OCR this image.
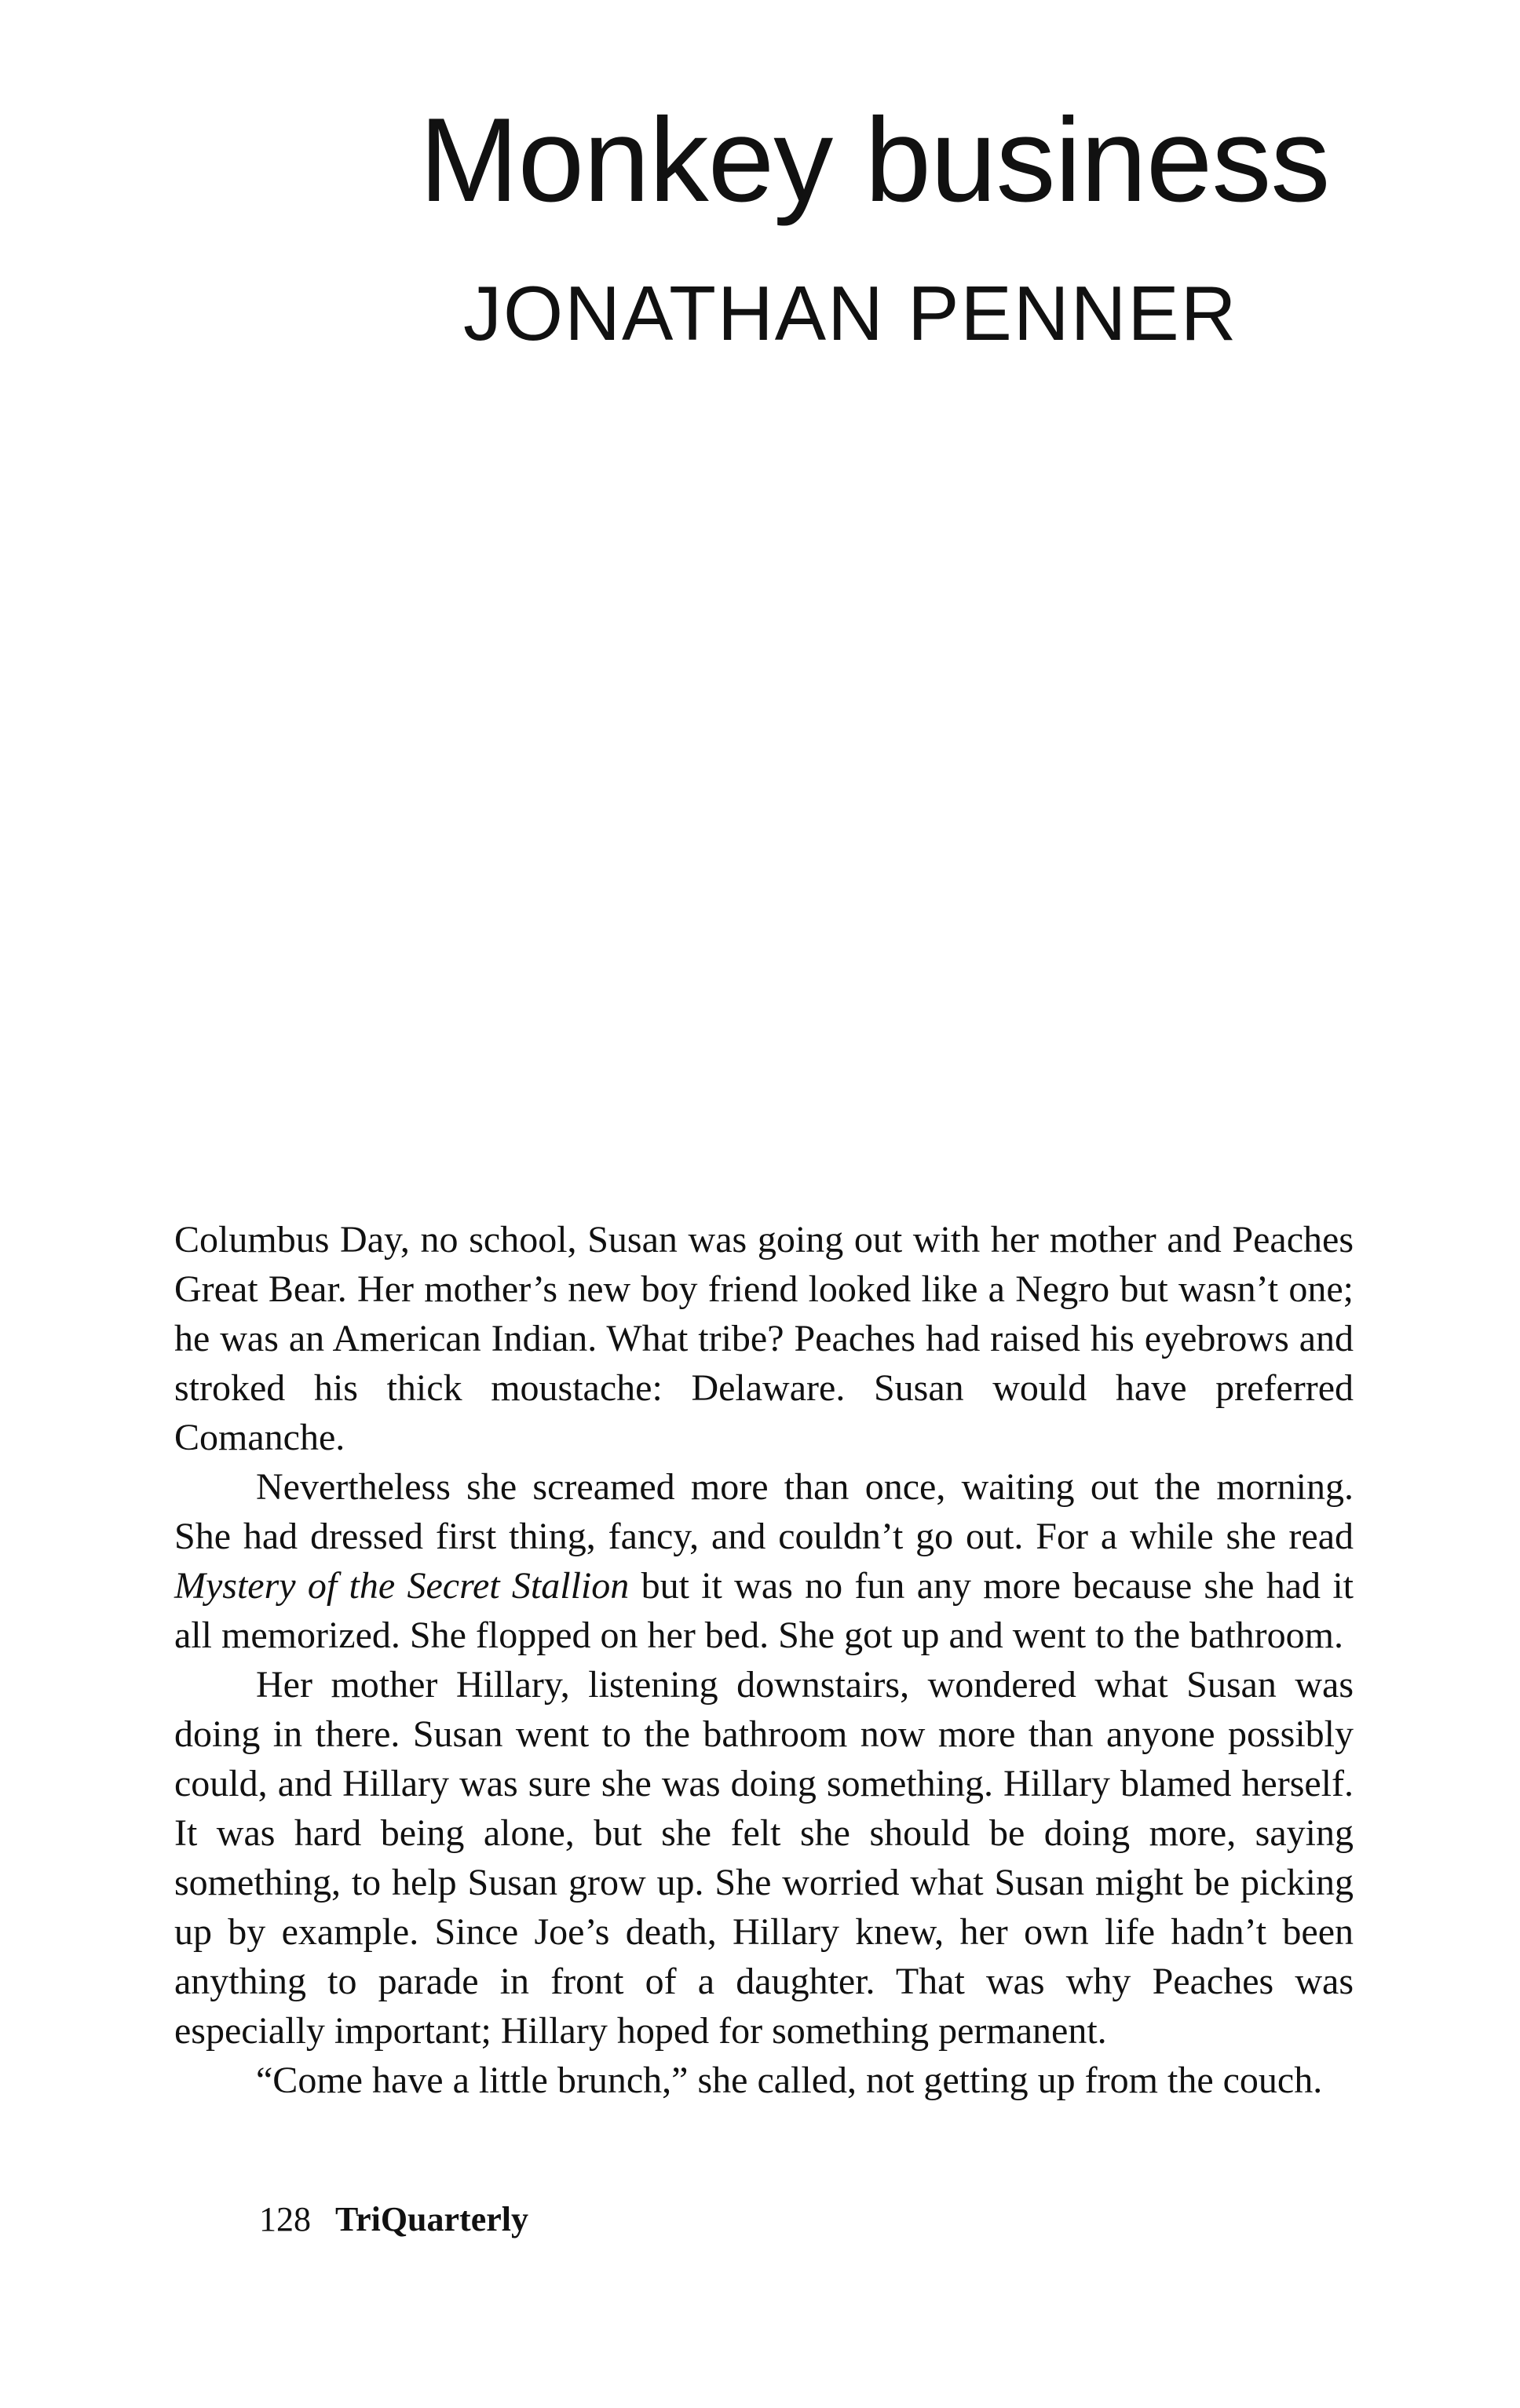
Monkey business
JONATHAN PENNER

Columbus Day, no school, Susan was going out with her mother and Peaches Great Bear. Her mother’s new boy friend looked like a Negro but wasn’t one; he was an American Indian. What tribe? Peaches had raised his eyebrows and stroked his thick moustache: Delaware. Susan would have preferred Comanche.

Nevertheless she screamed more than once, waiting out the morning. She had dressed first thing, fancy, and couldn’t go out. For a while she read Mystery of the Secret Stallion but it was no fun any more because she had it all memorized. She flopped on her bed. She got up and went to the bathroom.

Her mother Hillary, listening downstairs, wondered what Susan was doing in there. Susan went to the bathroom now more than anyone possibly could, and Hillary was sure she was doing something. Hillary blamed herself. It was hard being alone, but she felt she should be doing more, saying something, to help Susan grow up. She worried what Susan might be picking up by example. Since Joe’s death, Hillary knew, her own life hadn’t been anything to parade in front of a daughter. That was why Peaches was especially important; Hillary hoped for something permanent.

“Come have a little brunch,” she called, not getting up from the couch.

128 TriQuarterly
